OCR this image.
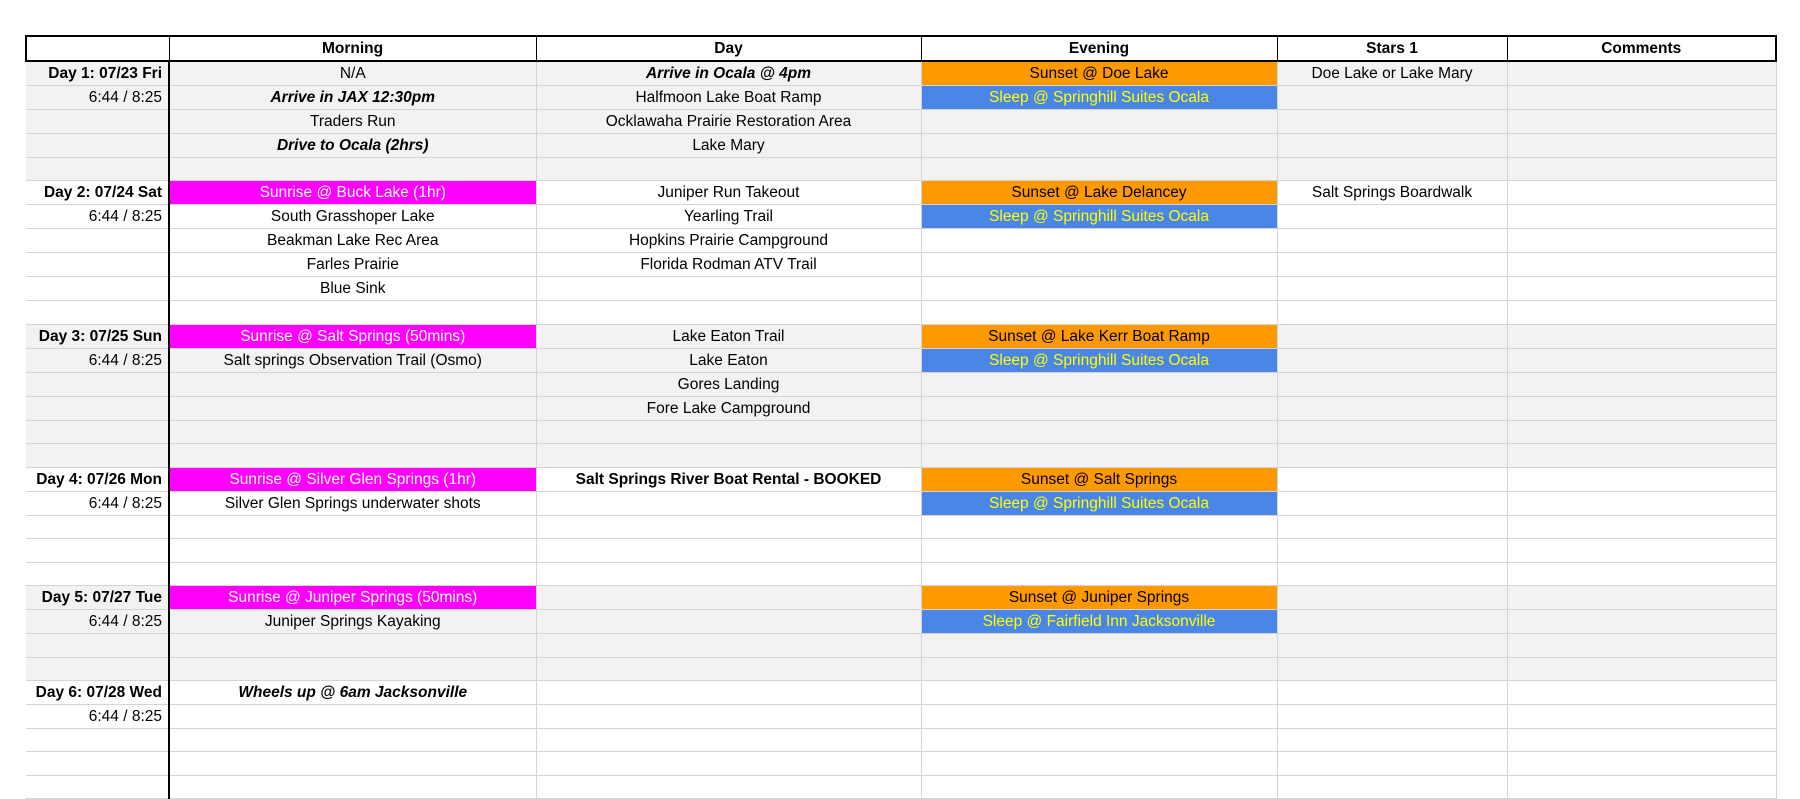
	Morning	Day	Evening	Stars 1	Comments
Day 1: 07/23 Fri	N/A	Arrive in Ocala @ 4pm	Sunset @ Doe Lake	Doe Lake or Lake Mary	
6:44 / 8:25	Arrive in JAX 12:30pm	Halfmoon Lake Boat Ramp	Sleep @ Springhill Suites Ocala		
	Traders Run	Ocklawaha Prairie Restoration Area			
	Drive to Ocala (2hrs)	Lake Mary			

Day 2: 07/24 Sat	Sunrise @ Buck Lake (1hr)	Juniper Run Takeout	Sunset @ Lake Delancey	Salt Springs Boardwalk	
6:44 / 8:25	South Grasshoper Lake	Yearling Trail	Sleep @ Springhill Suites Ocala		
	Beakman Lake Rec Area	Hopkins Prairie Campground			
	Farles Prairie	Florida Rodman ATV Trail			
	Blue Sink				

Day 3: 07/25 Sun	Sunrise @ Salt Springs (50mins)	Lake Eaton Trail	Sunset @ Lake Kerr Boat Ramp		
6:44 / 8:25	Salt springs Observation Trail (Osmo)	Lake Eaton	Sleep @ Springhill Suites Ocala		
		Gores Landing			
		Fore Lake Campground			

Day 4: 07/26 Mon	Sunrise @ Silver Glen Springs (1hr)	Salt Springs River Boat Rental - BOOKED	Sunset @ Salt Springs		
6:44 / 8:25	Silver Glen Springs underwater shots		Sleep @ Springhill Suites Ocala		

Day 5: 07/27 Tue	Sunrise @ Juniper Springs (50mins)		Sunset @ Juniper Springs		
6:44 / 8:25	Juniper Springs Kayaking		Sleep @ Fairfield Inn Jacksonville		

Day 6: 07/28 Wed	Wheels up @ 6am Jacksonville				
6:44 / 8:25					
